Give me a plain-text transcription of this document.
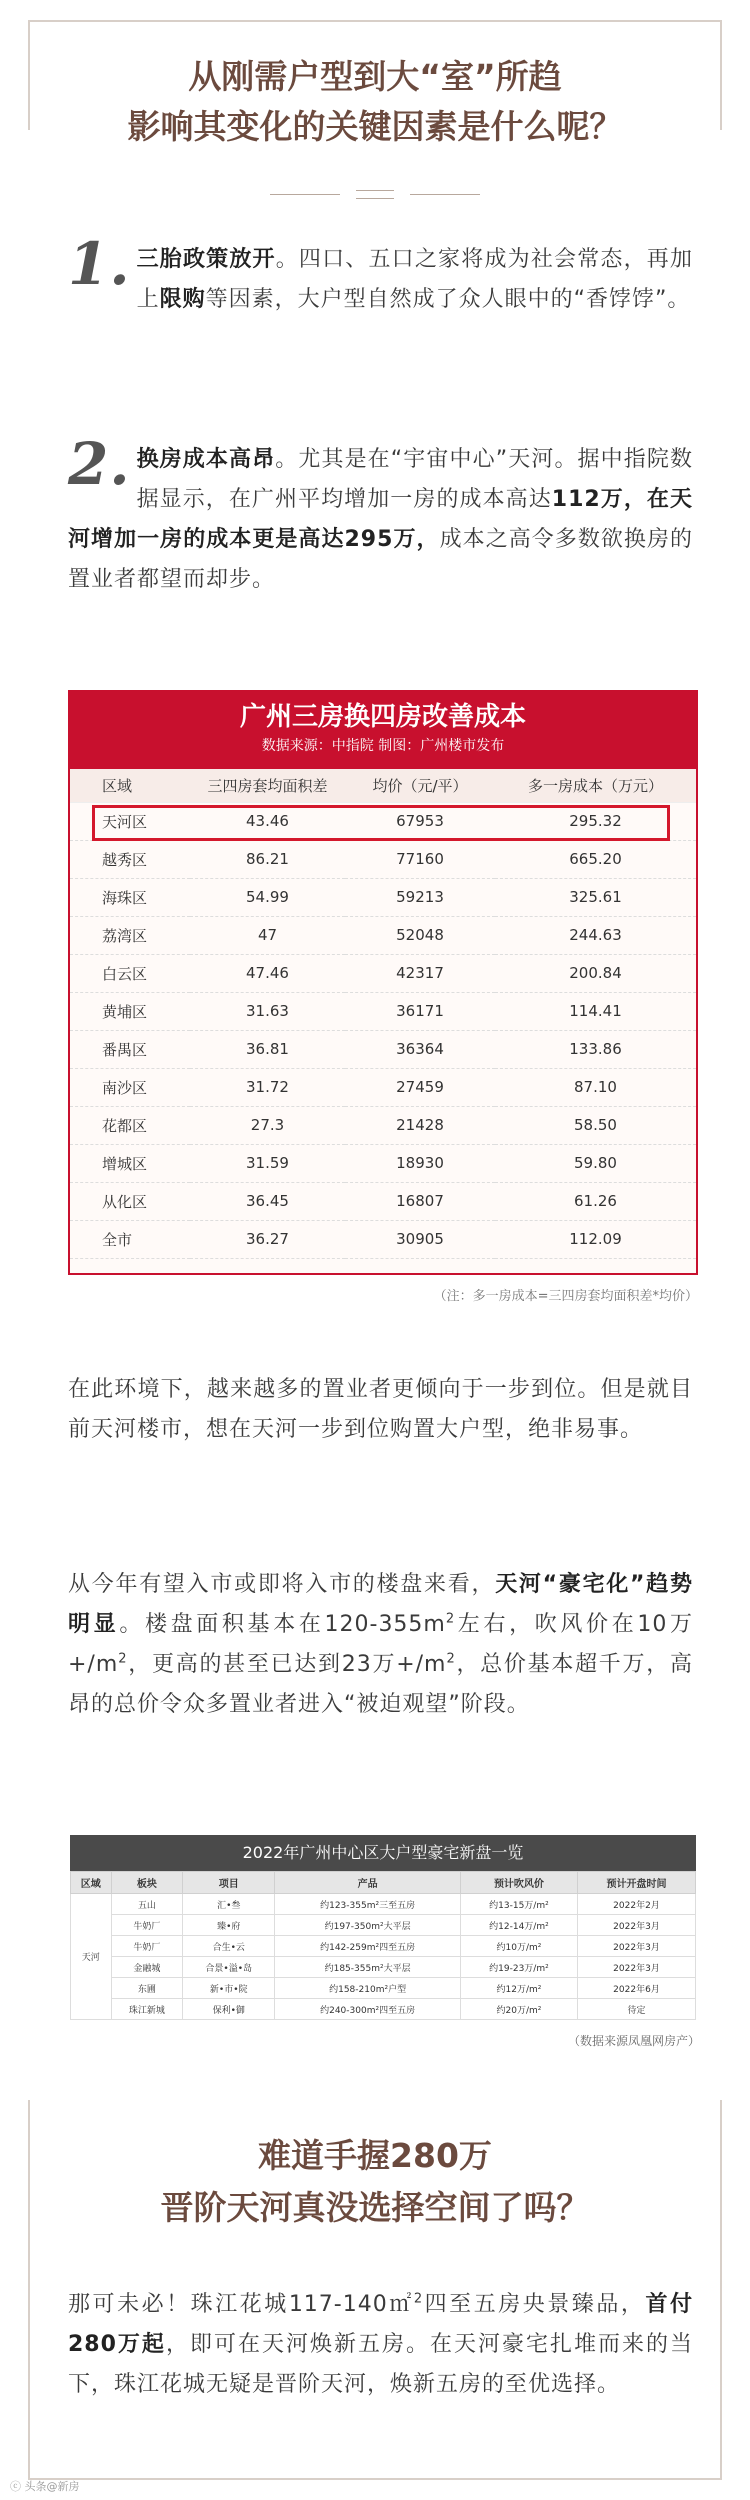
从刚需户型到大“室”所趋
影响其变化的关键因素是什么呢？
1. 三胎政策放开。四口、五口之家将成为社会常态，再加上限购等因素，大户型自然成了众人眼中的“香饽饽”。
2. 换房成本高昂。尤其是在“宇宙中心”天河。据中指院数据显示，在广州平均增加一房的成本高达112万，在天河增加一房的成本更是高达295万，成本之高令多数欲换房的置业者都望而却步。
广州三房换四房改善成本
数据来源：中指院 制图：广州楼市发布
区域	三四房套均面积差	均价（元/平）	多一房成本（万元）
天河区	43.46	67953	295.32
越秀区	86.21	77160	665.20
海珠区	54.99	59213	325.61
荔湾区	47	52048	244.63
白云区	47.46	42317	200.84
黄埔区	31.63	36171	114.41
番禺区	36.81	36364	133.86
南沙区	31.72	27459	87.10
花都区	27.3	21428	58.50
增城区	31.59	18930	59.80
从化区	36.45	16807	61.26
全市	36.27	30905	112.09
（注：多一房成本=三四房套均面积差*均价）
在此环境下，越来越多的置业者更倾向于一步到位。但是就目前天河楼市，想在天河一步到位购置大户型，绝非易事。
从今年有望入市或即将入市的楼盘来看，天河“豪宅化”趋势明显。楼盘面积基本在$120-355m^2$左右，吹风价在10万$+/m^2$，更高的甚至已达到23万$+/m^2$，总价基本超千万，高昂的总价令众多置业者进入“被迫观望”阶段。
2022年广州中心区大户型豪宅新盘一览
区域	板块	项目	产品	预计吹风价	预计开盘时间
天河	五山	汇•叁	约123-355m²三至五房	约13-15万/m²	2022年2月
	牛奶厂	臻•府	约197-350m²大平层	约12-14万/m²	2022年3月
	牛奶厂	合生•云	约142-259m²四至五房	约10万/m²	2022年3月
	金融城	合景•溢•岛	约185-355m²大平层	约19-23万/m²	2022年3月
	东圃	新•市•院	约158-210m²户型	约12万/m²	2022年6月
	珠江新城	保利•御	约240-300m²四至五房	约20万/m²	待定
（数据来源凤凰网房产）
难道手握280万
晋阶天河真没选择空间了吗？
那可未必！珠江花城117-140㎡$^2$四至五房央景臻品，首付280万起，即可在天河焕新五房。在天河豪宅扎堆而来的当下，珠江花城无疑是晋阶天河，焕新五房的至优选择。
ⓒ 头条@新房
